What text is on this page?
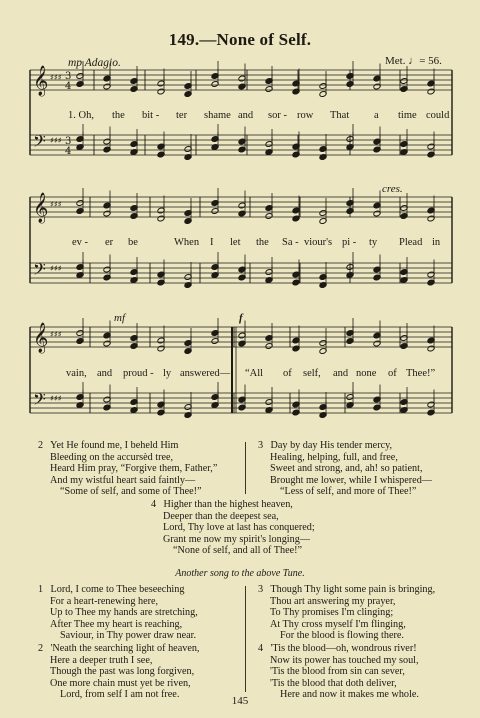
149.—None of Self.
mp Adagio.	Met. ♩= 56.
𝄞
𝄢
♯♯♯
♯♯♯
3
4
3
4
𝄞
𝄢
♯♯♯
♯♯♯
𝄞
𝄢
♯♯♯
♯♯♯
1. Oh, the bit - ter shame and sor - row That a time could
cres.
ev - er be	When I let the Sa - viour's pi - ty Plead in
mf	f
vain, and proud - ly answered— “All of self, and none of Thee!”
2 Yet He found me, I beheld Him
Bleeding on the accursèd tree,
Heard Him pray, “Forgive them, Father,”
And my wistful heart said faintly—
“Some of self, and some of Thee!”
3 Day by day His tender mercy,
Healing, helping, full, and free,
Sweet and strong, and, ah! so patient,
Brought me lower, while I whispered—
“Less of self, and more of Thee!”
4 Higher than the highest heaven,
Deeper than the deepest sea,
Lord, Thy love at last has conquered;
Grant me now my spirit's longing—
“None of self, and all of Thee!”
Another song to the above Tune.
1 Lord, I come to Thee beseeching
For a heart-renewing here,
Up to Thee my hands are stretching,
After Thee my heart is reaching,
Saviour, in Thy power draw near.
2 'Neath the searching light of heaven,
Here a deeper truth I see,
Though the past was long forgiven,
One more chain must yet be riven,
Lord, from self I am not free.
3 Though Thy light some pain is bringing,
Thou art answering my prayer,
To Thy promises I'm clinging;
At Thy cross myself I'm flinging,
For the blood is flowing there.
4 'Tis the blood—oh, wondrous river!
Now its power has touched my soul,
'Tis the blood from sin can sever,
'Tis the blood that doth deliver,
Here and now it makes me whole.
145
